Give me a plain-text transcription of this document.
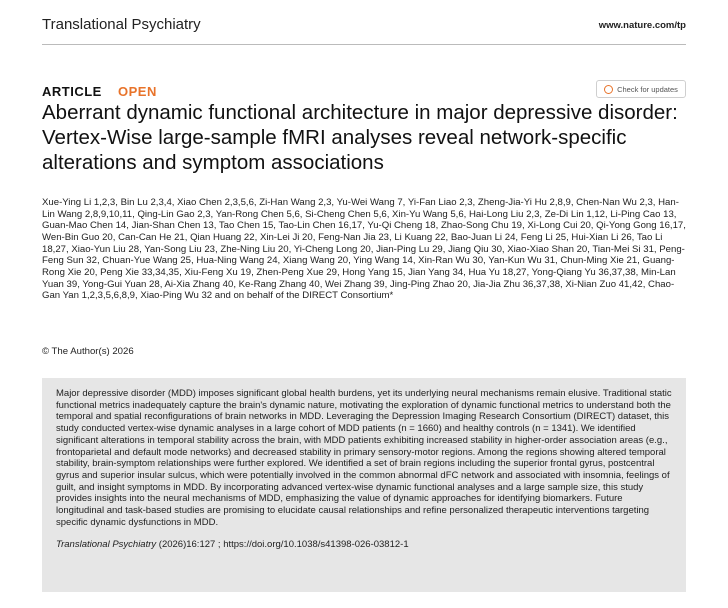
Translational Psychiatry	www.nature.com/tp
ARTICLE OPEN	Check for updates
Aberrant dynamic functional architecture in major depressive disorder: Vertex-Wise large-sample fMRI analyses reveal network-specific alterations and symptom associations
Xue-Ying Li 1,2,3, Bin Lu 2,3,4, Xiao Chen 2,3,5,6, Zi-Han Wang 2,3, Yu-Wei Wang 7, Yi-Fan Liao 2,3, Zheng-Jia-Yi Hu 2,8,9, Chen-Nan Wu 2,3, Han-Lin Wang 2,8,9,10,11, Qing-Lin Gao 2,3, Yan-Rong Chen 5,6, Si-Cheng Chen 5,6, Xin-Yu Wang 5,6, Hai-Long Liu 2,3, Ze-Di Lin 1,12, Li-Ping Cao 13, Guan-Mao Chen 14, Jian-Shan Chen 13, Tao Chen 15, Tao-Lin Chen 16,17, Yu-Qi Cheng 18, Zhao-Song Chu 19, Xi-Long Cui 20, Qi-Yong Gong 16,17, Wen-Bin Guo 20, Can-Can He 21, Qian Huang 22, Xin-Lei Ji 20, Feng-Nan Jia 23, Li Kuang 22, Bao-Juan Li 24, Feng Li 25, Hui-Xian Li 26, Tao Li 18,27, Xiao-Yun Liu 28, Yan-Song Liu 23, Zhe-Ning Liu 20, Yi-Cheng Long 20, Jian-Ping Lu 29, Jiang Qiu 30, Xiao-Xiao Shan 20, Tian-Mei Si 31, Peng-Feng Sun 32, Chuan-Yue Wang 25, Hua-Ning Wang 24, Xiang Wang 20, Ying Wang 14, Xin-Ran Wu 30, Yan-Kun Wu 31, Chun-Ming Xie 21, Guang-Rong Xie 20, Peng Xie 33,34,35, Xiu-Feng Xu 19, Zhen-Peng Xue 29, Hong Yang 15, Jian Yang 34, Hua Yu 18,27, Yong-Qiang Yu 36,37,38, Min-Lan Yuan 39, Yong-Gui Yuan 28, Ai-Xia Zhang 40, Ke-Rang Zhang 40, Wei Zhang 39, Jing-Ping Zhao 20, Jia-Jia Zhu 36,37,38, Xi-Nian Zuo 41,42, Chao-Gan Yan 1,2,3,5,6,8,9, Xiao-Ping Wu 32 and on behalf of the DIRECT Consortium*
© The Author(s) 2026
Major depressive disorder (MDD) imposes significant global health burdens, yet its underlying neural mechanisms remain elusive. Traditional static functional metrics inadequately capture the brain's dynamic nature, motivating the exploration of dynamic functional metrics to understand both the temporal and spatial reconfigurations of brain networks in MDD. Leveraging the Depression Imaging Research Consortium (DIRECT) dataset, this study conducted vertex-wise dynamic analyses in a large cohort of MDD patients (n = 1660) and healthy controls (n = 1341). We identified significant alterations in temporal stability across the brain, with MDD patients exhibiting increased stability in higher-order association areas (e.g., frontoparietal and default mode networks) and decreased stability in primary sensory-motor regions. Among the regions showing altered temporal stability, brain-symptom relationships were further explored. We identified a set of brain regions including the superior frontal gyrus, postcentral gyrus and superior insular sulcus, which were potentially involved in the common abnormal dFC network and associated with insomnia, feelings of guilt, and insight symptoms in MDD. By incorporating advanced vertex-wise dynamic functional analyses and a large sample size, this study provides insights into the neural mechanisms of MDD, emphasizing the value of dynamic approaches for identifying biomarkers. Future longitudinal and task-based studies are promising to elucidate causal relationships and refine personalized therapeutic interventions targeting specific dynamic dysfunctions in MDD.
Translational Psychiatry (2026)16:127 ; https://doi.org/10.1038/s41398-026-03812-1
